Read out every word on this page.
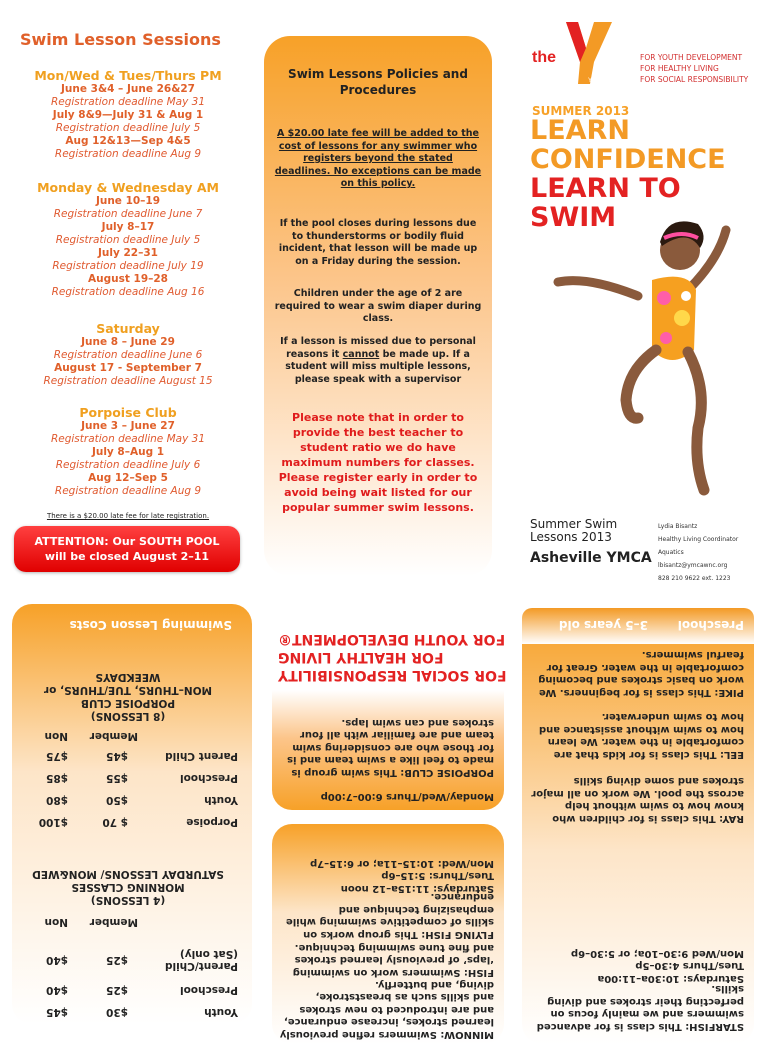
Swim Lesson Sessions
Mon/Wed & Tues/Thurs PM
June 3&4 – June 26&27
Registration deadline May 31
July 8&9—July 31 & Aug 1
Registration deadline July 5
Aug 12&13—Sep 4&5
Registration deadline Aug 9
Monday & Wednesday AM
June 10–19
Registration deadline June 7
July 8–17
Registration deadline July 5
July 22–31
Registration deadline July 19
August 19–28
Registration deadline Aug 16
Saturday
June 8 – June 29
Registration deadline June 6
August 17 - September 7
Registration deadline August 15
Porpoise Club
June 3 – June 27
Registration deadline May 31
July 8–Aug 1
Registration deadline July 6
Aug 12–Sep 5
Registration deadline Aug 9
There is a $20.00 late fee for late registration.
ATTENTION: Our SOUTH POOL
will be closed August 2–11
Swim Lessons Policies and Procedures

A $20.00 late fee will be added to the cost of lessons for any swimmer who registers beyond the stated deadlines. No exceptions can be made on this policy.

If the pool closes during lessons due to thunderstorms or bodily fluid incident, that lesson will be made up on a Friday during the session.

Children under the age of 2 are required to wear a swim diaper during class.

If a lesson is missed due to personal reasons it cannot be made up. If a student will miss multiple lessons, please speak with a supervisor

Please note that in order to provide the best teacher to student ratio we do have maximum numbers for classes. Please register early in order to avoid being wait listed for our popular summer swim lessons.

the
YMCA
FOR YOUTH DEVELOPMENT
FOR HEALTHY LIVING
FOR SOCIAL RESPONSIBILITY
SUMMER 2013
LEARN
CONFIDENCE
LEARN TO
SWIM
Summer Swim
Lessons 2013
Asheville YMCA
Lydia Bisantz
Healthy Living Coordinator
Aquatics
lbisantz@ymcawnc.org
828 210 9622 ext. 1223

STARFISH: This class is for advanced swimmers and we mainly focus on perfecting their strokes and diving skills.

Saturdays: 10:30a–11:00a
Tues/Thurs 4:30–5p
Mon/Wed 9:30–10a; or 5:30–6p

RAY: This class is for children who know how to swim without help across the pool. We work on all major strokes and some diving skills

EEL: This class is for kids that are comfortable in the water. We learn how to swim without assistance and how to swim underwater.

PIKE: This class is for beginners. We work on basic strokes and becoming comfortable in the water. Great for fearful swimmers.

Preschool
3–5 years old

MINNOW: Swimmers refine previously learned strokes, increase endurance, and are introduced to new strokes and skills such as breaststroke, diving, and butterfly.

FISH: Swimmers work on swimming ‘laps’ of previously learned strokes and fine tune swimming technique.

FLYING FISH: This group works on skills of competitive swimming while emphasizing technique and endurance.

Saturdays: 11:15a–12 noon
Tues/Thurs: 5:15–6p
Mon/Wed: 10:15–11a; or 6:15–7p

Monday/Wed/Thurs 6:00–7:00p

PORPOISE CLUB: This swim group is made to feel like a swim team and is for those who are considering swim team and are familiar with all four strokes and can swim laps.

FOR SOCIAL RESPONSIBILITY
FOR HEALTHY LIVING
FOR YOUTH DEVELOPMENT®
Youth
$30
$45
Preschool
$25
$40
Parent/Child (Sat only)
$25
$40
Member
Non
(4 LESSONS)
MORNING CLASSES
SATURDAY LESSONS/ MON&WED
Porpoise
$ 70
$100
Youth
$50
$80
Preschool
$55
$85
Parent Child
$45
$75
Member
Non
(8 LESSONS)
PORPOISE CLUB
MON–THURS, TUE/THURS, or
WEEKDAYS
Swimming Lesson Costs
